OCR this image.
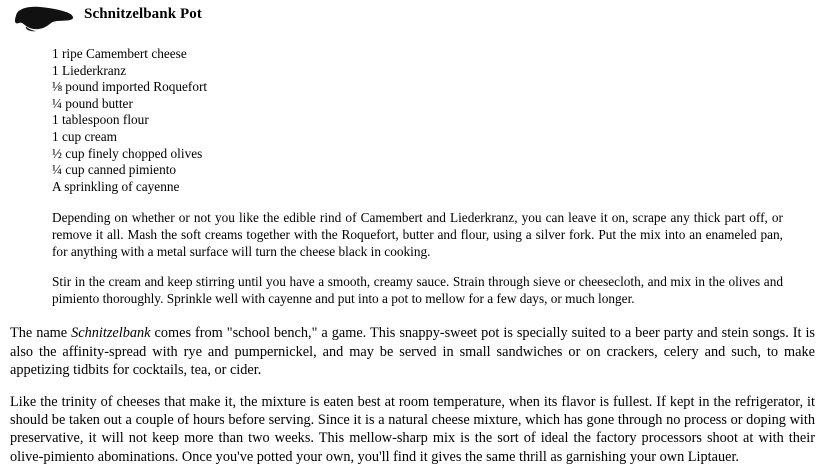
Schnitzelbank Pot
1 ripe Camembert cheese
1 Liederkranz
⅛ pound imported Roquefort
¼ pound butter
1 tablespoon flour
1 cup cream
½ cup finely chopped olives
¼ cup canned pimiento
A sprinkling of cayenne

Depending on whether or not you like the edible rind of Camembert and Liederkranz, you can leave it on, scrape any thick part off, or remove it all. Mash the soft creams together with the Roquefort, butter and flour, using a silver fork. Put the mix into an enameled pan, for anything with a metal surface will turn the cheese black in cooking.

Stir in the cream and keep stirring until you have a smooth, creamy sauce. Strain through sieve or cheesecloth, and mix in the olives and pimiento thoroughly. Sprinkle well with cayenne and put into a pot to mellow for a few days, or much longer.

The name Schnitzelbank comes from "school bench," a game. This snappy-sweet pot is specially suited to a beer party and stein songs. It is also the affinity-spread with rye and pumpernickel, and may be served in small sandwiches or on crackers, celery and such, to make appetizing tidbits for cocktails, tea, or cider.

Like the trinity of cheeses that make it, the mixture is eaten best at room temperature, when its flavor is fullest. If kept in the refrigerator, it should be taken out a couple of hours before serving. Since it is a natural cheese mixture, which has gone through no process or doping with preservative, it will not keep more than two weeks. This mellow-sharp mix is the sort of ideal the factory processors shoot at with their olive-pimiento abominations. Once you've potted your own, you'll find it gives the same thrill as garnishing your own Liptauer.
